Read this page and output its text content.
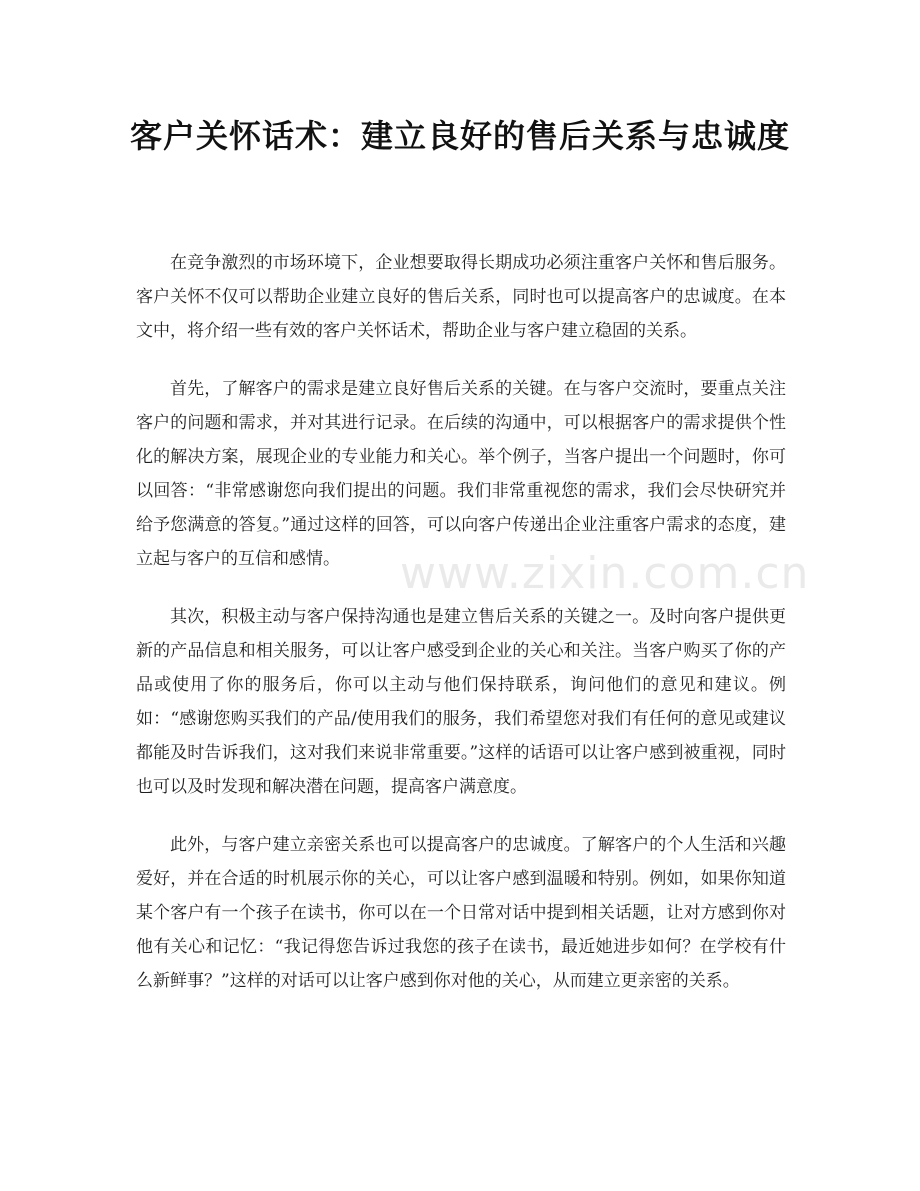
客户关怀话术：建立良好的售后关系与忠诚度

在竞争激烈的市场环境下，企业想要取得长期成功必须注重客户关怀和售后服务。客户关怀不仅可以帮助企业建立良好的售后关系，同时也可以提高客户的忠诚度。在本文中，将介绍一些有效的客户关怀话术，帮助企业与客户建立稳固的关系。

首先，了解客户的需求是建立良好售后关系的关键。在与客户交流时，要重点关注客户的问题和需求，并对其进行记录。在后续的沟通中，可以根据客户的需求提供个性化的解决方案，展现企业的专业能力和关心。举个例子，当客户提出一个问题时，你可以回答：“非常感谢您向我们提出的问题。我们非常重视您的需求，我们会尽快研究并给予您满意的答复。”通过这样的回答，可以向客户传递出企业注重客户需求的态度，建立起与客户的互信和感情。

其次，积极主动与客户保持沟通也是建立售后关系的关键之一。及时向客户提供更新的产品信息和相关服务，可以让客户感受到企业的关心和关注。当客户购买了你的产品或使用了你的服务后，你可以主动与他们保持联系，询问他们的意见和建议。例如：“感谢您购买我们的产品/使用我们的服务，我们希望您对我们有任何的意见或建议都能及时告诉我们，这对我们来说非常重要。”这样的话语可以让客户感到被重视，同时也可以及时发现和解决潜在问题，提高客户满意度。

此外，与客户建立亲密关系也可以提高客户的忠诚度。了解客户的个人生活和兴趣爱好，并在合适的时机展示你的关心，可以让客户感到温暖和特别。例如，如果你知道某个客户有一个孩子在读书，你可以在一个日常对话中提到相关话题，让对方感到你对他有关心和记忆：“我记得您告诉过我您的孩子在读书，最近她进步如何？在学校有什么新鲜事？”这样的对话可以让客户感到你对他的关心，从而建立更亲密的关系。

www.zixin.com.cn
